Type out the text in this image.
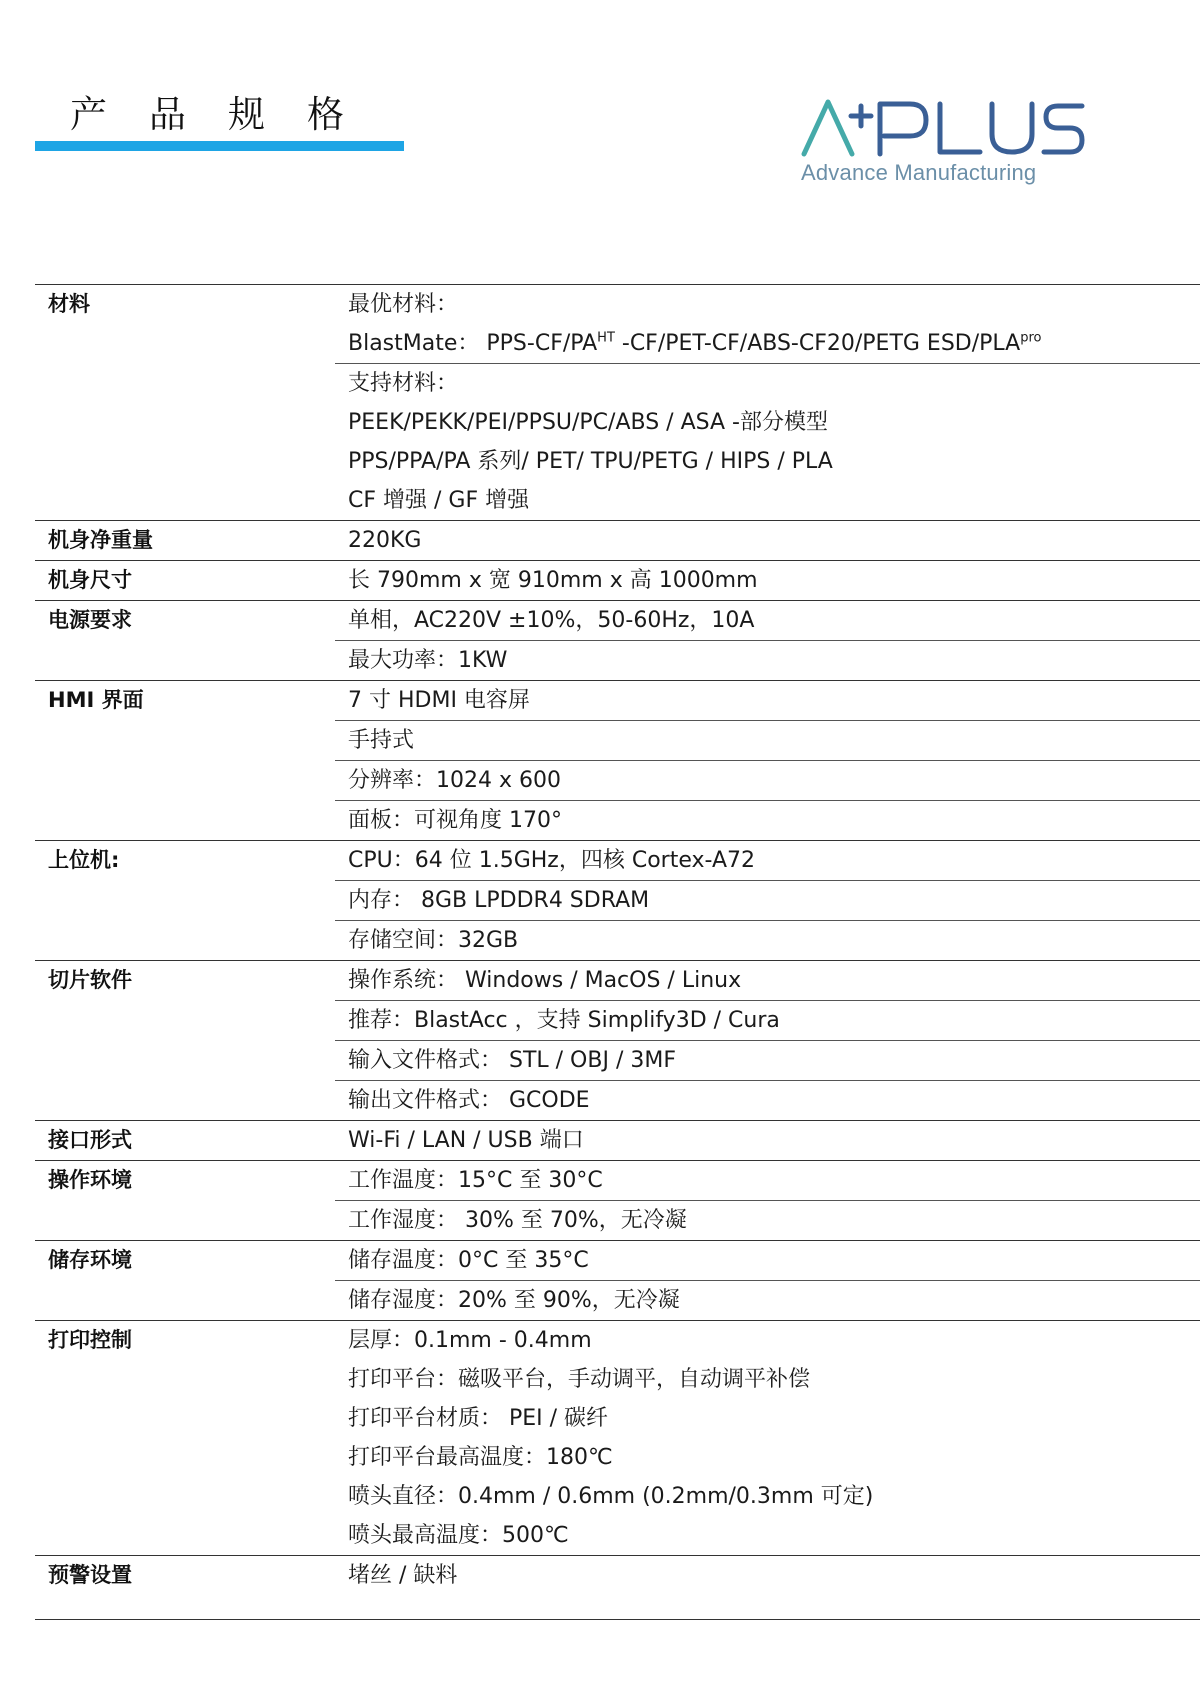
产品规格
Advance Manufacturing
材料	最优材料：
BlastMate： PPS-$CF/PA^{HT}$ -CF/PET-CF/ABS-CF20/PETG ESD/$PLA^{pro}$
支持材料：
PEEK/PEKK/PEI/PPSU/PC/ABS / ASA -部分模型
PPS/PPA/PA 系列/ PET/ TPU/PETG / HIPS / PLA
CF 增强 / GF 增强
机身净重量	220KG
机身尺寸	长 790mm x 宽 910mm x 高 1000mm
电源要求	单相，AC220V ±10%，50-60Hz，10A
最大功率：1KW
HMI 界面	7 寸 HDMI 电容屏
手持式
分辨率：1024 x 600
面板：可视角度 170°
上位机:	CPU：64 位 1.5GHz，四核 Cortex-A72
内存： 8GB LPDDR4 SDRAM
存储空间：32GB
切片软件	操作系统： Windows / MacOS / Linux
推荐：BlastAcc ，支持 Simplify3D / Cura
输入文件格式： STL / OBJ / 3MF
输出文件格式： GCODE
接口形式	Wi-Fi / LAN / USB 端口
操作环境	工作温度：15°C 至 30°C
工作湿度： 30% 至 70%，无冷凝
储存环境	储存温度：0°C 至 35°C
储存湿度：20% 至 90%，无冷凝
打印控制	层厚：0.1mm - 0.4mm
打印平台：磁吸平台，手动调平，自动调平补偿
打印平台材质： PEI / 碳纤
打印平台最高温度：180℃
喷头直径：0.4mm / 0.6mm (0.2mm/0.3mm 可定)
喷头最高温度：500℃
预警设置	堵丝 / 缺料
